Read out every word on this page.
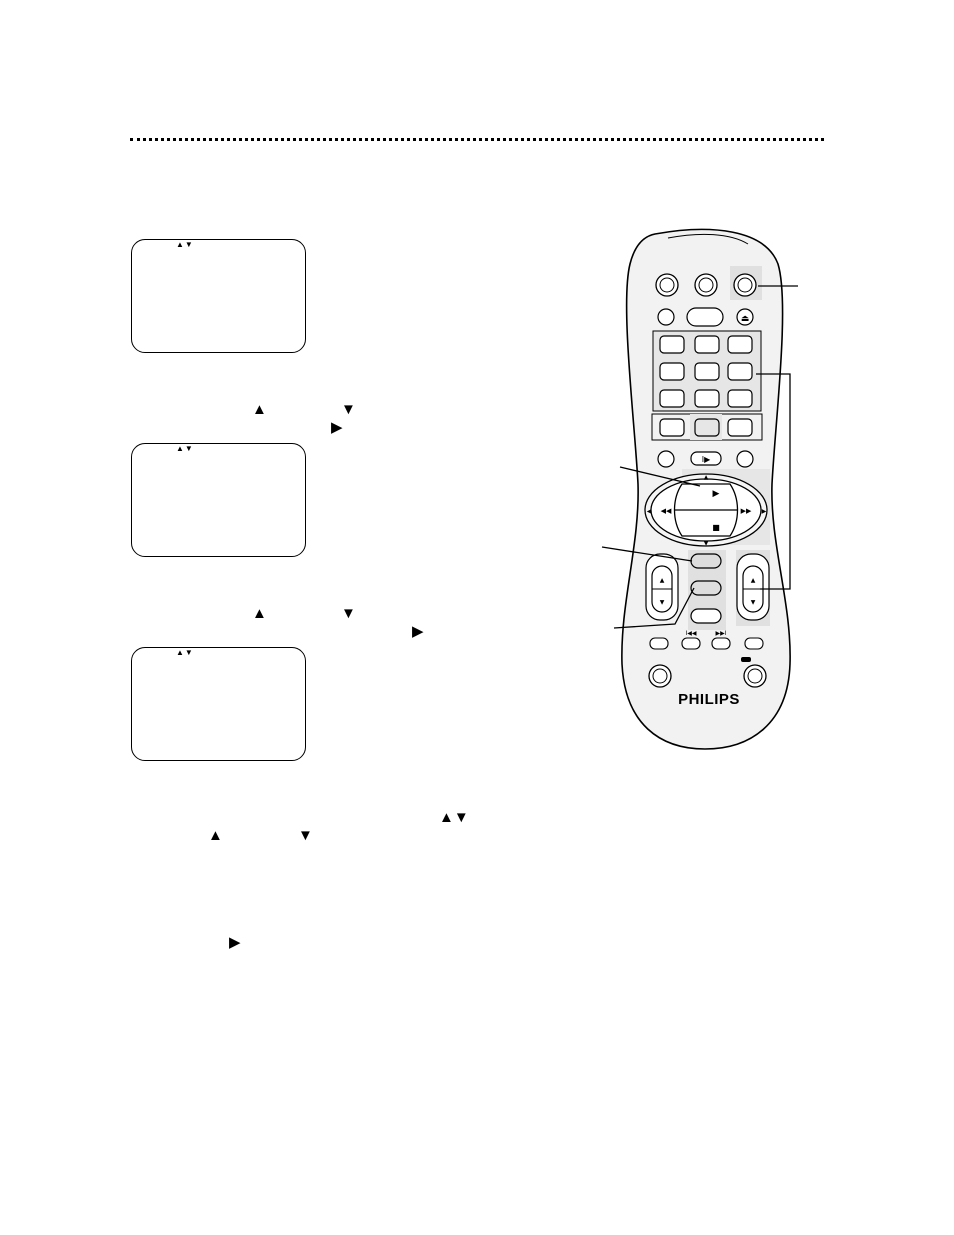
▲▼
▲▼
▲▼
▲	▼
▶
▲	▼
▶
▲▼
▲	▼
▶
⏏
I▶
▶
■
◀◀	▶▶
▲
▼
◀	▶
▲
▼
▲
▼
I◀◀	▶▶I
PHILIPS
